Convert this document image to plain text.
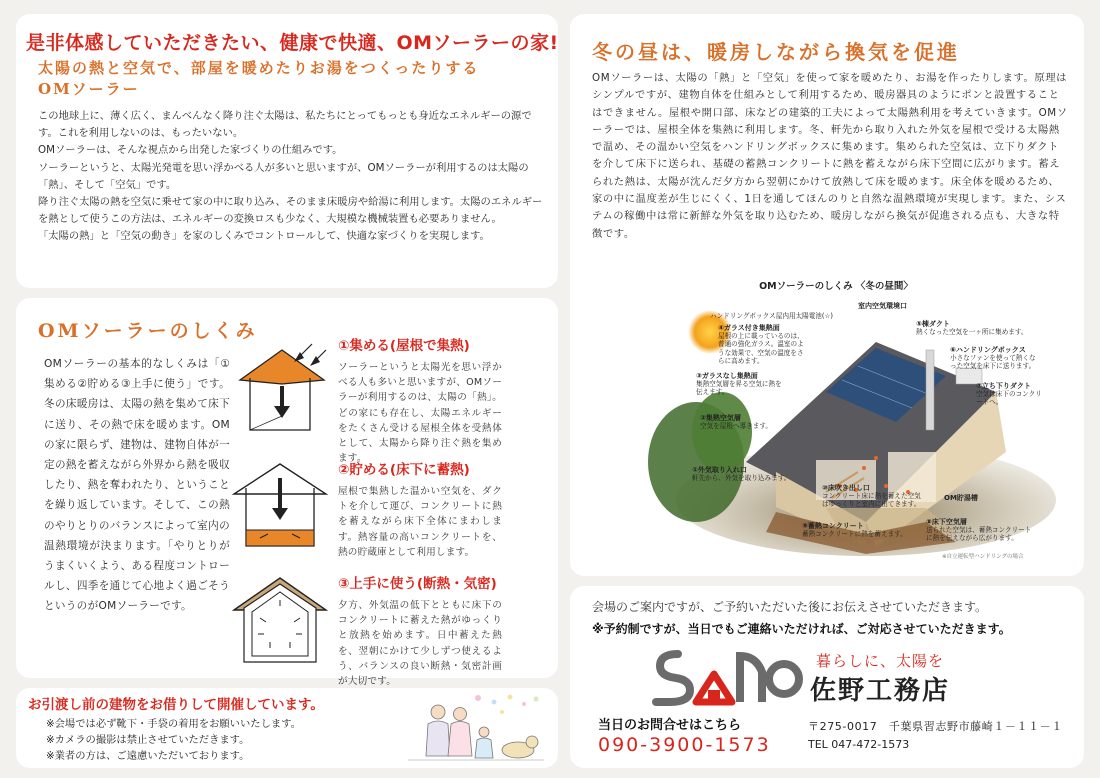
是非体感していただきたい、健康で快適、OMソーラーの家!
太陽の熱と空気で、部屋を暖めたりお湯をつくったりするOMソーラー

この地球上に、薄く広く、まんべんなく降り注ぐ太陽は、私たちにとってもっとも身近なエネルギーの源です。これを利用しないのは、もったいない。

OMソーラーは、そんな視点から出発した家づくりの仕組みです。

ソーラーというと、太陽光発電を思い浮かべる人が多いと思いますが、OMソーラーが利用するのは太陽の「熱」、そして「空気」です。

降り注ぐ太陽の熱を空気に乗せて家の中に取り込み、そのまま床暖房や給湯に利用します。太陽のエネルギーを熱として使うこの方法は、エネルギーの変換ロスも少なく、大規模な機械装置も必要ありません。

「太陽の熱」と「空気の動き」を家のしくみでコントロールして、快適な家づくりを実現します。

OMソーラーのしくみ

OMソーラーの基本的なしくみは「①集める②貯める③上手に使う」です。冬の床暖房は、太陽の熱を集めて床下に送り、その熱で床を暖めます。OMの家に限らず、建物は、建物自体が一定の熱を蓄えながら外界から熱を吸収したり、熱を奪われたり、ということを繰り返しています。そして、この熱のやりとりのバランスによって室内の温熱環境が決まります。「やりとりがうまくいくよう、ある程度コントロールし、四季を通じて心地よく過ごそうというのがOMソーラーです。

①集める(屋根で集熱)

ソーラーというと太陽光を思い浮かべる人も多いと思いますが、OMソーラーが利用するのは、太陽の「熱」。どの家にも存在し、太陽エネルギーをたくさん受ける屋根全体を受熱体として、太陽から降り注ぐ熱を集めます。

②貯める(床下に蓄熱)

屋根で集熱した温かい空気を、ダクトを介して運び、コンクリートに熱を蓄えながら床下全体にまわします。熱容量の高いコンクリートを、熱の貯蔵庫として利用します。

③上手に使う(断熱・気密)

夕方、外気温の低下とともに床下のコンクリートに蓄えた熱がゆっくりと放熱を始めます。日中蓄えた熱を、翌朝にかけて少しずつ使えるよう、バランスの良い断熱・気密計画が大切です。

お引渡し前の建物をお借りして開催しています。
※会場では必ず靴下・手袋の着用をお願いいたします。
※カメラの撮影は禁止させていただきます。
※業者の方は、ご遠慮いただいております。
冬の昼は、暖房しながら換気を促進

OMソーラーは、太陽の「熱」と「空気」を使って家を暖めたり、お湯を作ったりします。原理はシンプルですが、建物自体を仕組みとして利用するため、暖房器具のようにポンと設置することはできません。屋根や開口部、床などの建築的工夫によって太陽熱利用を考えていきます。OMソーラーでは、屋根全体を集熱に利用します。冬、軒先から取り入れた外気を屋根で受ける太陽熱で温め、その温かい空気をハンドリングボックスに集めます。集められた空気は、立下りダクトを介して床下に送られ、基礎の蓄熱コンクリートに熱を蓄えながら床下空間に広がります。蓄えられた熱は、太陽が沈んだ夕方から翌朝にかけて放熱して床を暖めます。床全体を暖めるため、家の中に温度差が生じにくく、1日を通してほんのりと自然な温熱環境が実現します。また、システムの稼働中は常に新鮮な外気を取り込むため、暖房しながら換気が促進される点も、大きな特徴です。

OMソーラーのしくみ 〈冬の昼間〉
ハンドリングボックス屋内用太陽電池(☆)
室内空気環境口
④ガラス付き集熱面
屋根の上に載っているのは、普通の強化ガラス。温室のような効果で、空気の温度をさらに高めます。
⑤棟ダクト
熱くなった空気を一ヶ所に集めます。
⑥ハンドリングボックス
小さなファンを使って熱くなった空気を床下に送ります。
③ガラスなし集熱面
集熱空気層を昇る空気に熱を伝えます。
⑦立ち下りダクト
空気は床下のコンクリートへ。
②集熱空気層
空気を屋根へ導きます。
①外気取り入れ口
軒先から、外気を取り込みます。
⑩床吹き出し口
コンクリート床に熱を蓄えた空気はゆっくりと室内に出てきます。
OM貯湯槽
⑨蓄熱コンクリート
蓄熱コンクリートに熱を蓄えます。
⑧床下空気層
送られた空気は、蓄熱コンクリートに熱を伝えながら広がります。
※自立運転型ハンドリングの場合
会場のご案内ですが、ご予約いただいた後にお伝えさせていただきます。
※予約制ですが、当日でもご連絡いただければ、ご対応させていただきます。
暮らしに、太陽を
佐野工務店
当日のお問合せはこちら
090-3900-1573
〒275-0017　千葉県習志野市藤崎１－１１－１
TEL 047-472-1573
